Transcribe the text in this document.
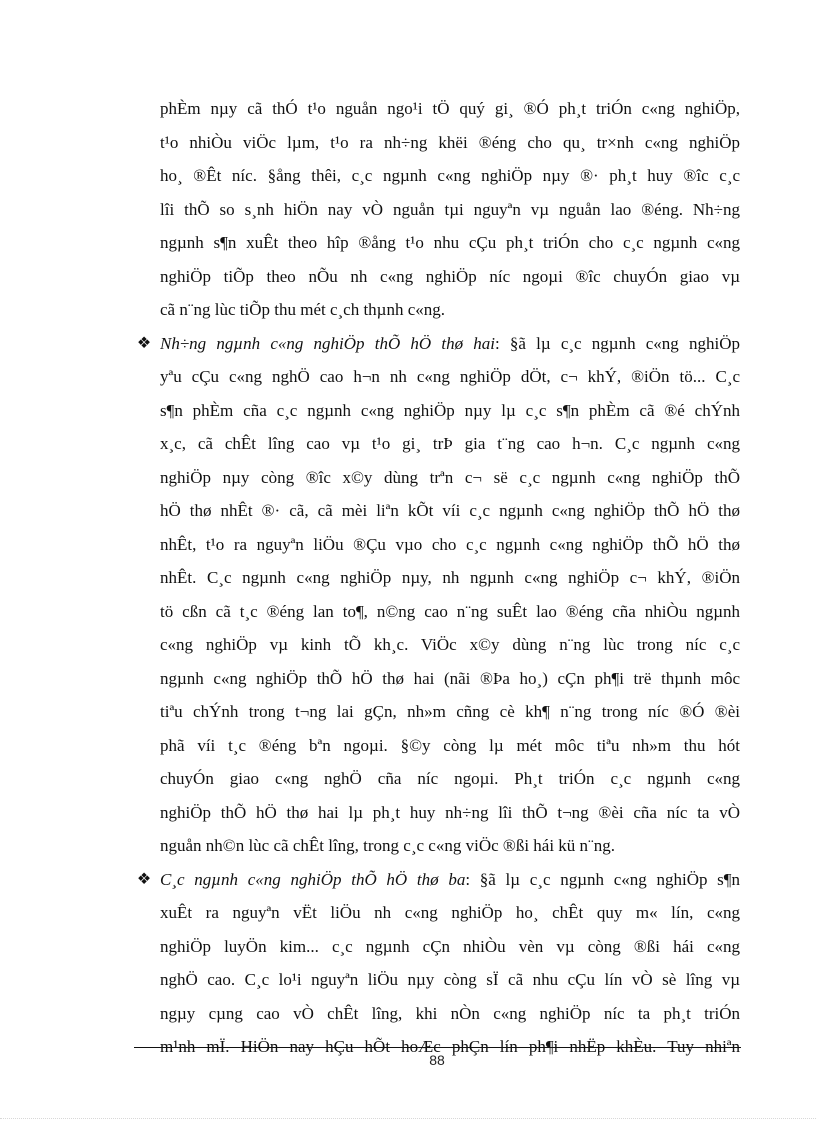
phÈm nµy cã thÓ t¹o nguån ngo¹i tÖ quý gi¸ ®Ó ph¸t triÓn c«ng nghiÖp,
t¹o nhiÒu viÖc lµm, t¹o ra nh÷ng khëi ®éng cho qu¸ tr×nh c«ng nghiÖp
ho¸ ®Êt níc. §ång thêi, c¸c ngµnh c«ng nghiÖp nµy ®· ph¸t huy ®îc c¸c
lîi thÕ so s¸nh hiÖn nay vÒ nguån tµi nguyªn vµ nguån lao ®éng. Nh÷ng
ngµnh s¶n xuÊt theo hîp ®ång t¹o nhu cÇu ph¸t triÓn cho c¸c ngµnh c«ng
nghiÖp tiÕp theo nÕu nh c«ng nghiÖp níc ngoµi ®îc chuyÓn giao vµ
cã n¨ng lùc tiÕp thu mét c¸ch thµnh c«ng.
❖ Nh÷ng ngµnh c«ng nghiÖp thÕ hÖ thø hai: §ã lµ c¸c ngµnh c«ng nghiÖp
yªu cÇu c«ng nghÖ cao h¬n nh c«ng nghiÖp dÖt, c¬ khÝ, ®iÖn tö... C¸c
s¶n phÈm cña c¸c ngµnh c«ng nghiÖp nµy lµ c¸c s¶n phÈm cã ®é chÝnh
x¸c, cã chÊt lîng cao vµ t¹o gi¸ trÞ gia t¨ng cao h¬n. C¸c ngµnh c«ng
nghiÖp nµy còng ®îc x©y dùng trªn c¬ së c¸c ngµnh c«ng nghiÖp thÕ
hÖ thø nhÊt ®· cã, cã mèi liªn kÕt víi c¸c ngµnh c«ng nghiÖp thÕ hÖ thø
nhÊt, t¹o ra nguyªn liÖu ®Çu vµo cho c¸c ngµnh c«ng nghiÖp thÕ hÖ thø
nhÊt. C¸c ngµnh c«ng nghiÖp nµy, nh ngµnh c«ng nghiÖp c¬ khÝ, ®iÖn
tö cßn cã t¸c ®éng lan to¶, n©ng cao n¨ng suÊt lao ®éng cña nhiÒu ngµnh
c«ng nghiÖp vµ kinh tÕ kh¸c. ViÖc x©y dùng n¨ng lùc trong níc c¸c
ngµnh c«ng nghiÖp thÕ hÖ thø hai (nãi ®Þa ho¸) cÇn ph¶i trë thµnh môc
tiªu chÝnh trong t¬ng lai gÇn, nh»m cñng cè kh¶ n¨ng trong níc ®Ó ®èi
phã víi t¸c ®éng bªn ngoµi. §©y còng lµ mét môc tiªu nh»m thu hót
chuyÓn giao c«ng nghÖ cña níc ngoµi. Ph¸t triÓn c¸c ngµnh c«ng
nghiÖp thÕ hÖ thø hai lµ ph¸t huy nh÷ng lîi thÕ t¬ng ®èi cña níc ta vÒ
nguån nh©n lùc cã chÊt lîng, trong c¸c c«ng viÖc ®ßi hái kü n¨ng.
❖ C¸c ngµnh c«ng nghiÖp thÕ hÖ thø ba: §ã lµ c¸c ngµnh c«ng nghiÖp s¶n
xuÊt ra nguyªn vËt liÖu nh c«ng nghiÖp ho¸ chÊt quy m« lín, c«ng
nghiÖp luyÖn kim... c¸c ngµnh cÇn nhiÒu vèn vµ còng ®ßi hái c«ng
nghÖ cao. C¸c lo¹i nguyªn liÖu nµy còng sÏ cã nhu cÇu lín vÒ sè lîng vµ
ngµy cµng cao vÒ chÊt lîng, khi nÒn c«ng nghiÖp níc ta ph¸t triÓn
m¹nh mÏ. HiÖn nay hÇu hÕt hoÆc phÇn lín ph¶i nhËp khÈu. Tuy nhiªn
88
